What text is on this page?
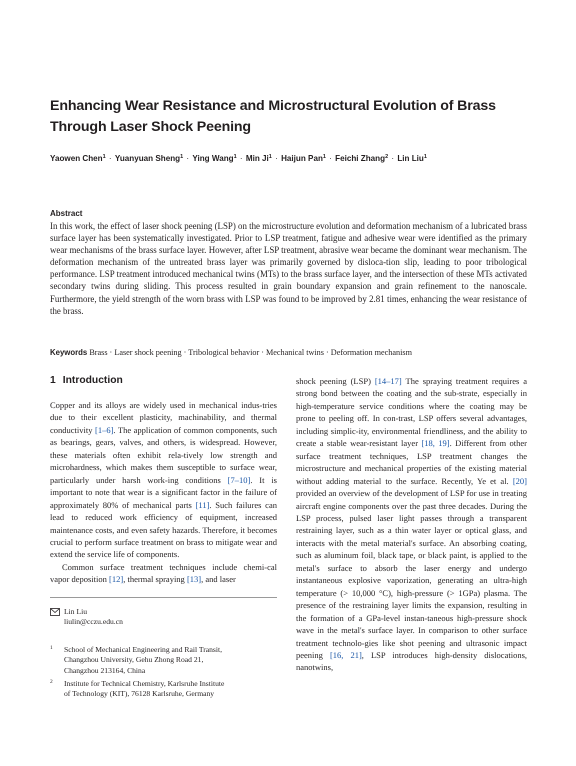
Enhancing Wear Resistance and Microstructural Evolution of Brass Through Laser Shock Peening
Yaowen Chen$^1$ · Yuanyuan Sheng$^1$ · Ying Wang$^1$ · Min $Ji^1$ · Haijun Pan$^1$ · Feichi Zhang$^2$ · Lin Liu$^1$
Abstract

In this work, the effect of laser shock peening (LSP) on the microstructure evolution and deformation mechanism of a lubricated brass surface layer has been systematically investigated. Prior to LSP treatment, fatigue and adhesive wear were identified as the primary wear mechanisms of the brass surface layer. However, after LSP treatment, abrasive wear became the dominant wear mechanism. The deformation mechanism of the untreated brass layer was primarily governed by disloca-tion slip, leading to poor tribological performance. LSP treatment introduced mechanical twins (MTs) to the brass surface layer, and the intersection of these MTs activated secondary twins during sliding. This process resulted in grain boundary expansion and grain refinement to the nanoscale. Furthermore, the yield strength of the worn brass with LSP was found to be improved by 2.81 times, enhancing the wear resistance of the brass.

Keywords Brass · Laser shock peening · Tribological behavior · Mechanical twins · Deformation mechanism
1 Introduction

Copper and its alloys are widely used in mechanical indus-tries due to their excellent plasticity, machinability, and thermal conductivity [1–6]. The application of common components, such as bearings, gears, valves, and others, is widespread. However, these materials often exhibit rela-tively low strength and microhardness, which makes them susceptible to surface wear, particularly under harsh work-ing conditions [7–10]. It is important to note that wear is a significant factor in the failure of approximately 80% of mechanical parts [11]. Such failures can lead to reduced work efficiency of equipment, increased maintenance costs, and even safety hazards. Therefore, it becomes crucial to perform surface treatment on brass to mitigate wear and extend the service life of components.

Common surface treatment techniques include chemi-cal vapor deposition [12], thermal spraying [13], and laser

shock peening (LSP) [14–17] The spraying treatment requires a strong bond between the coating and the sub-strate, especially in high-temperature service conditions where the coating may be prone to peeling off. In con-trast, LSP offers several advantages, including simplic-ity, environmental friendliness, and the ability to create a stable wear-resistant layer [18, 19]. Different from other surface treatment techniques, LSP treatment changes the microstructure and mechanical properties of the existing material without adding material to the surface. Recently, Ye et al. [20] provided an overview of the development of LSP for use in treating aircraft engine components over the past three decades. During the LSP process, pulsed laser light passes through a transparent restraining layer, such as a thin water layer or optical glass, and interacts with the metal material's surface. An absorbing coating, such as aluminum foil, black tape, or black paint, is applied to the metal's surface to absorb the laser energy and undergo instantaneous explosive vaporization, generating an ultra-high temperature (> 10,000 °C), high-pressure (> 1GPa) plasma. The presence of the restraining layer limits the expansion, resulting in the formation of a GPa-level instan-taneous high-pressure shock wave in the metal's surface layer. In comparison to other surface treatment technolo-gies like shot peening and ultrasonic impact peening [16, 21], LSP introduces high-density dislocations, nanotwins,

Lin Liu
liulin@cczu.edu.cn
1 School of Mechanical Engineering and Rail Transit,
Changzhou University, Gehu Zhong Road 21,
Changzhou 213164, China
2 Institute for Technical Chemistry, Karlsruhe Institute
of Technology (KIT), 76128 Karlsruhe, Germany
